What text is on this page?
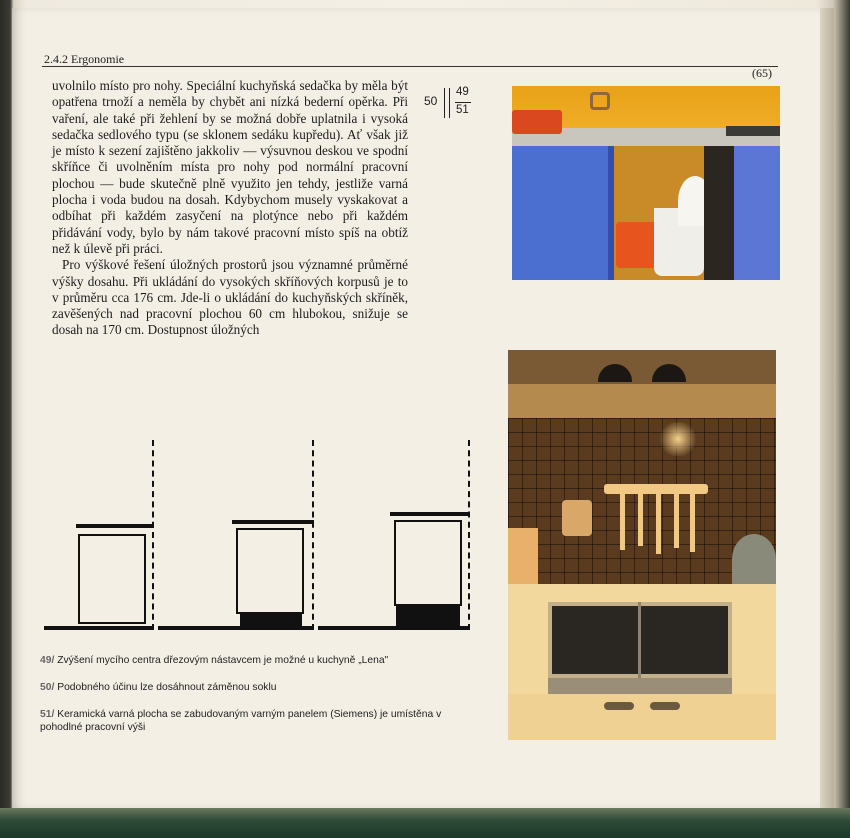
2.4.2 Ergonomie
(65)

uvolnilo místo pro nohy. Speciální kuchyňská sedačka by měla být opatřena trnoží a neměla by chybět ani nízká bederní opěrka. Při vaření, ale také při žehlení by se možná dobře uplatnila i vysoká sedačka sedlového typu (se sklonem sedáku kupředu). Ať však již je místo k sezení zajištěno jakkoliv — výsuvnou deskou ve spodní skříňce či uvolněním místa pro nohy pod normální pracovní plochou — bude skutečně plně využito jen tehdy, jestliže varná plocha i voda budou na dosah. Kdybychom musely vyskakovat a odbíhat při každém zasyčení na plotýnce nebo při každém přidávání vody, bylo by nám takové pracovní místo spíš na obtíž než k úlevě při práci.

Pro výškové řešení úložných prostorů jsou významné průměrné výšky dosahu. Při ukládání do vysokých skříňových korpusů je to v průměru cca 176 cm. Jde-li o ukládání do kuchyňských skříněk, zavěšených nad pracovní plochou 60 cm hlubokou, snižuje se dosah na 170 cm. Dostupnost úložných

50
49
51
49/ Zvýšení mycího centra dřezovým nástavcem je možné u kuchyně „Lena"
50/ Podobného účinu lze dosáhnout záměnou soklu
51/ Keramická varná plocha se zabudovaným varným panelem (Siemens) je umístěna v pohodlné pracovní výši
